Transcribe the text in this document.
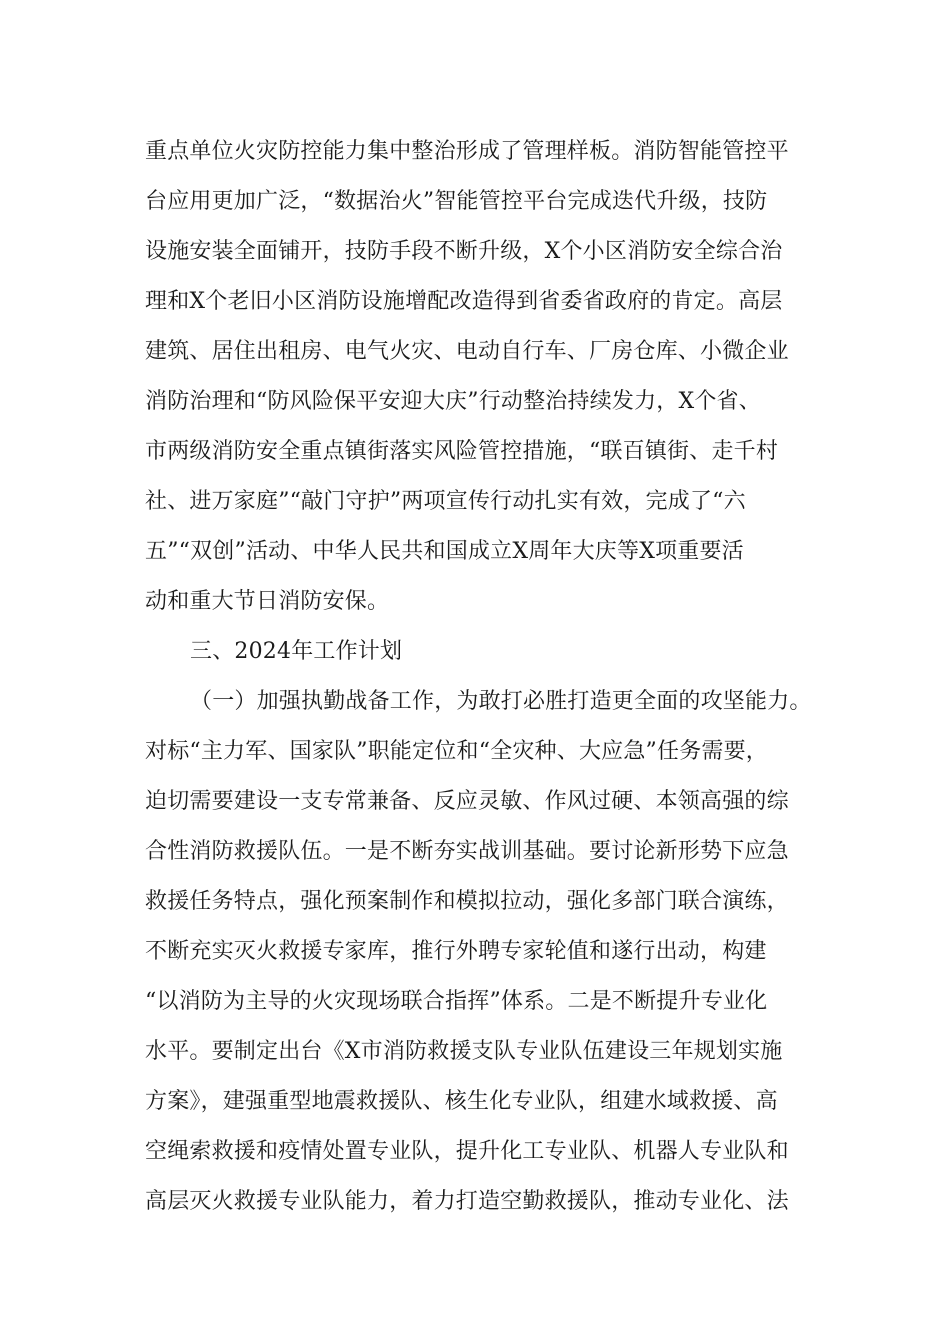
重点单位火灾防控能力集中整治形成了管理样板。消防智能管控平
台应用更加广泛，“数据治火”智能管控平台完成迭代升级，技防
设施安装全面铺开，技防手段不断升级，X个小区消防安全综合治
理和X个老旧小区消防设施增配改造得到省委省政府的肯定。高层
建筑、居住出租房、电气火灾、电动自行车、厂房仓库、小微企业
消防治理和“防风险保平安迎大庆”行动整治持续发力，X个省、
市两级消防安全重点镇街落实风险管控措施，“联百镇街、走千村
社、进万家庭”“敲门守护”两项宣传行动扎实有效，完成了“六
五”“双创”活动、中华人民共和国成立X周年大庆等X项重要活
动和重大节日消防安保。
三、2024年工作计划
（一）加强执勤战备工作，为敢打必胜打造更全面的攻坚能力。
对标“主力军、国家队”职能定位和“全灾种、大应急”任务需要，
迫切需要建设一支专常兼备、反应灵敏、作风过硬、本领高强的综
合性消防救援队伍。一是不断夯实战训基础。要讨论新形势下应急
救援任务特点，强化预案制作和模拟拉动，强化多部门联合演练，
不断充实灭火救援专家库，推行外聘专家轮值和遂行出动，构建
“以消防为主导的火灾现场联合指挥”体系。二是不断提升专业化
水平。要制定出台《X市消防救援支队专业队伍建设三年规划实施
方案》，建强重型地震救援队、核生化专业队，组建水域救援、高
空绳索救援和疫情处置专业队，提升化工专业队、机器人专业队和
高层灭火救援专业队能力，着力打造空勤救援队，推动专业化、法
